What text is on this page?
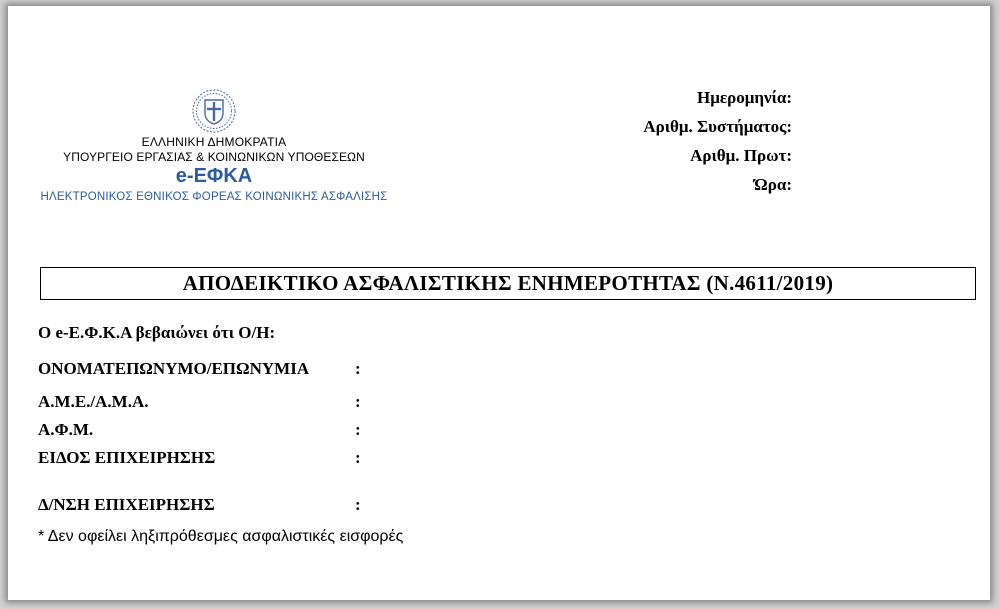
ΕΛΛΗΝΙΚΗ ΔΗΜΟΚΡΑΤΙΑ
ΥΠΟΥΡΓΕΙΟ ΕΡΓΑΣΙΑΣ & ΚΟΙΝΩΝΙΚΩΝ ΥΠΟΘΕΣΕΩΝ
e-ΕΦΚΑ
ΗΛΕΚΤΡΟΝΙΚΟΣ ΕΘΝΙΚΟΣ ΦΟΡΕΑΣ ΚΟΙΝΩΝΙΚΗΣ ΑΣΦΑΛΙΣΗΣ
Ημερομηνία:
Αριθμ. Συστήματος:
Αριθμ. Πρωτ:
Ώρα:
ΑΠΟΔΕΙΚΤΙΚΟ ΑΣΦΑΛΙΣΤΙΚΗΣ ΕΝΗΜΕΡΟΤΗΤΑΣ (Ν.4611/2019)
Ο e-Ε.Φ.Κ.Α βεβαιώνει ότι Ο/Η:
ΟΝΟΜΑΤΕΠΩΝΥΜΟ/ΕΠΩΝΥΜΙΑ	:
Α.Μ.Ε./Α.Μ.Α.	:
Α.Φ.Μ.	:
ΕΙΔΟΣ ΕΠΙΧΕΙΡΗΣΗΣ	:
Δ/ΝΣΗ ΕΠΙΧΕΙΡΗΣΗΣ	:
* Δεν οφείλει ληξιπρόθεσμες ασφαλιστικές εισφορές
